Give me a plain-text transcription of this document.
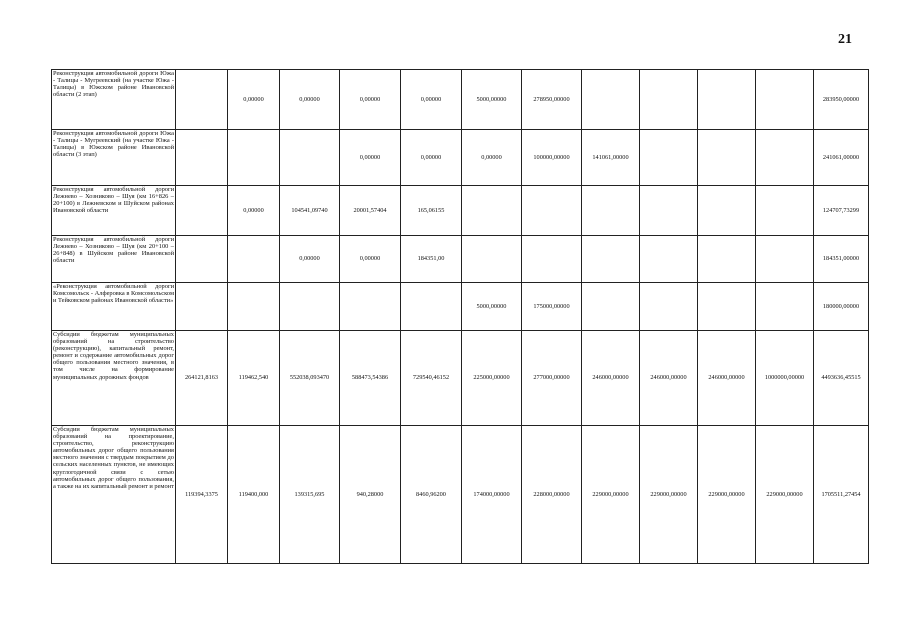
21
Реконструкция автомобильной дороги Южа - Талицы - Мугреевский (на участке Южа - Талицы) в Южском районе Ивановской области (2 этап)		0,00000	0,00000	0,00000	0,00000	5000,00000	278950,00000					283950,00000
Реконструкция автомобильной дороги Южа - Талицы - Мугреевский (на участке Южа - Талицы) в Южском районе Ивановской области (3 этап)				0,00000	0,00000	0,00000	100000,00000	141061,00000				241061,00000
Реконструкция автомобильной дороги Лежнево – Хозниково – Шуя (км 16+826 – 20+100) в Лежневском и Шуйском районах Ивановской области		0,00000	104541,09740	20001,57404	165,06155							124707,73299
Реконструкция автомобильной дороги Лежнево – Хозниково – Шуя (км 20+100 – 26+848) в Шуйском районе Ивановской области			0,00000	0,00000	184351,00							184351,00000
«Реконструкция автомобильной дороги Комсомольск - Алферовка в Комсомольском и Тейковском районах Ивановской области»						5000,00000	175000,00000					180000,00000
Субсидии бюджетам муниципальных образований на строительство (реконструкцию), капитальный ремонт, ремонт и содержание автомобильных дорог общего пользования местного значения, в том числе на формирование муниципальных дорожных фондов	264121,8163	119462,540	552038,093470	588473,54386	729540,46152	225000,00000	277000,00000	246000,00000	246000,00000	246000,00000	1000000,00000	4493636,45515
Субсидии бюджетам муниципальных образований на проектирование, строительство, реконструкцию автомобильных дорог общего пользования местного значения с твердым покрытием до сельских населенных пунктов, не имеющих круглогодичной связи с сетью автомобильных дорог общего пользования, а также на их капитальный ремонт и ремонт	119394,3375	119400,000	139315,695	940,28000	8460,96200	174000,00000	228000,00000	229000,00000	229000,00000	229000,00000	229000,00000	1705511,27454
